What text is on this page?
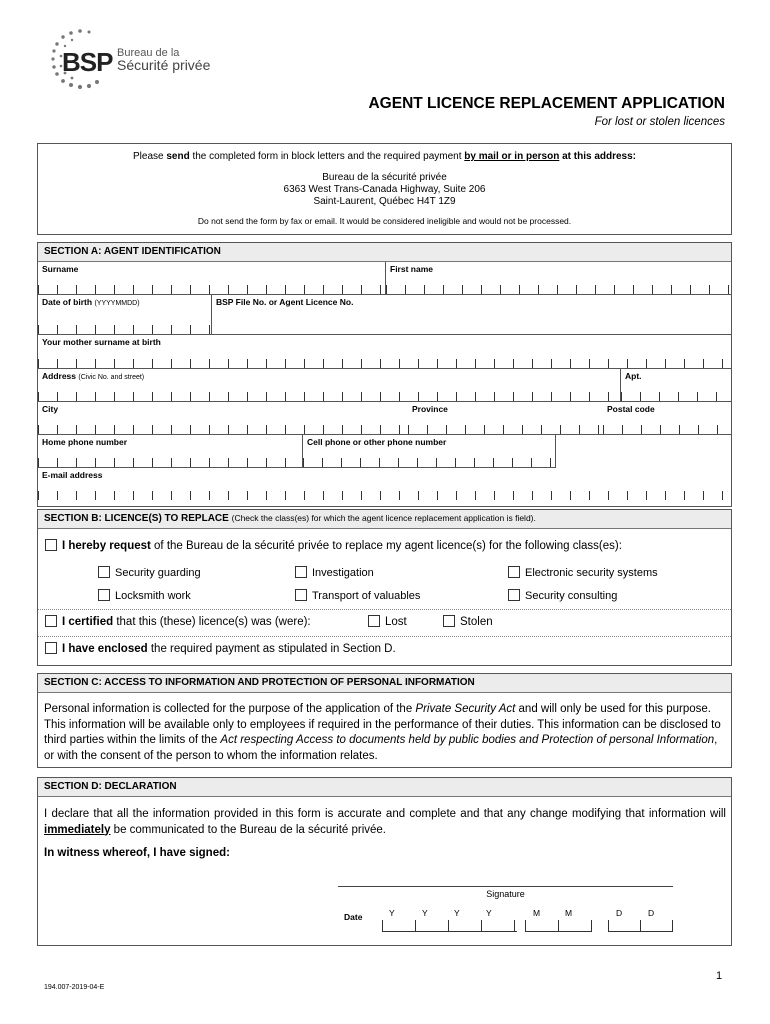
BSP Bureau de la
Sécurité privée
AGENT LICENCE REPLACEMENT APPLICATION
For lost or stolen licences
Please send the completed form in block letters and the required payment by mail or in person at this address:
Bureau de la sécurité privée
6363 West Trans-Canada Highway, Suite 206
Saint-Laurent, Québec H4T 1Z9
Do not send the form by fax or email. It would be considered ineligible and would not be processed.
SECTION A: AGENT IDENTIFICATION
Surname	First name
Date of birth (YYYYMMDD)	BSP File No. or Agent Licence No.
Your mother surname at birth
Address (Civic No. and street)	Apt.
City	Province	Postal code
Home phone number	Cell phone or other phone number
E-mail address
SECTION B: LICENCE(S) TO REPLACE (Check the class(es) for which the agent licence replacement application is field).
I hereby request of the Bureau de la sécurité privée to replace my agent licence(s) for the following class(es):
Security guarding	Investigation	Electronic security systems
Locksmith work	Transport of valuables	Security consulting
I certified that this (these) licence(s) was (were):	Lost	Stolen
I have enclosed the required payment as stipulated in Section D.
SECTION C: ACCESS TO INFORMATION AND PROTECTION OF PERSONAL INFORMATION
Personal information is collected for the purpose of the application of the Private Security Act and will only be used for this purpose. This information will be available only to employees if required in the performance of their duties. This information can be disclosed to third parties within the limits of the Act respecting Access to documents held by public bodies and Protection of personal Information, or with the consent of the person to whom the information relates.
SECTION D: DECLARATION
I declare that all the information provided in this form is accurate and complete and that any change modifying that information will immediately be communicated to the Bureau de la sécurité privée.
In witness whereof, I have signed:
Signature
Date	Y	Y	Y	Y	M	M	D	D
194.007-2019-04-E
1
